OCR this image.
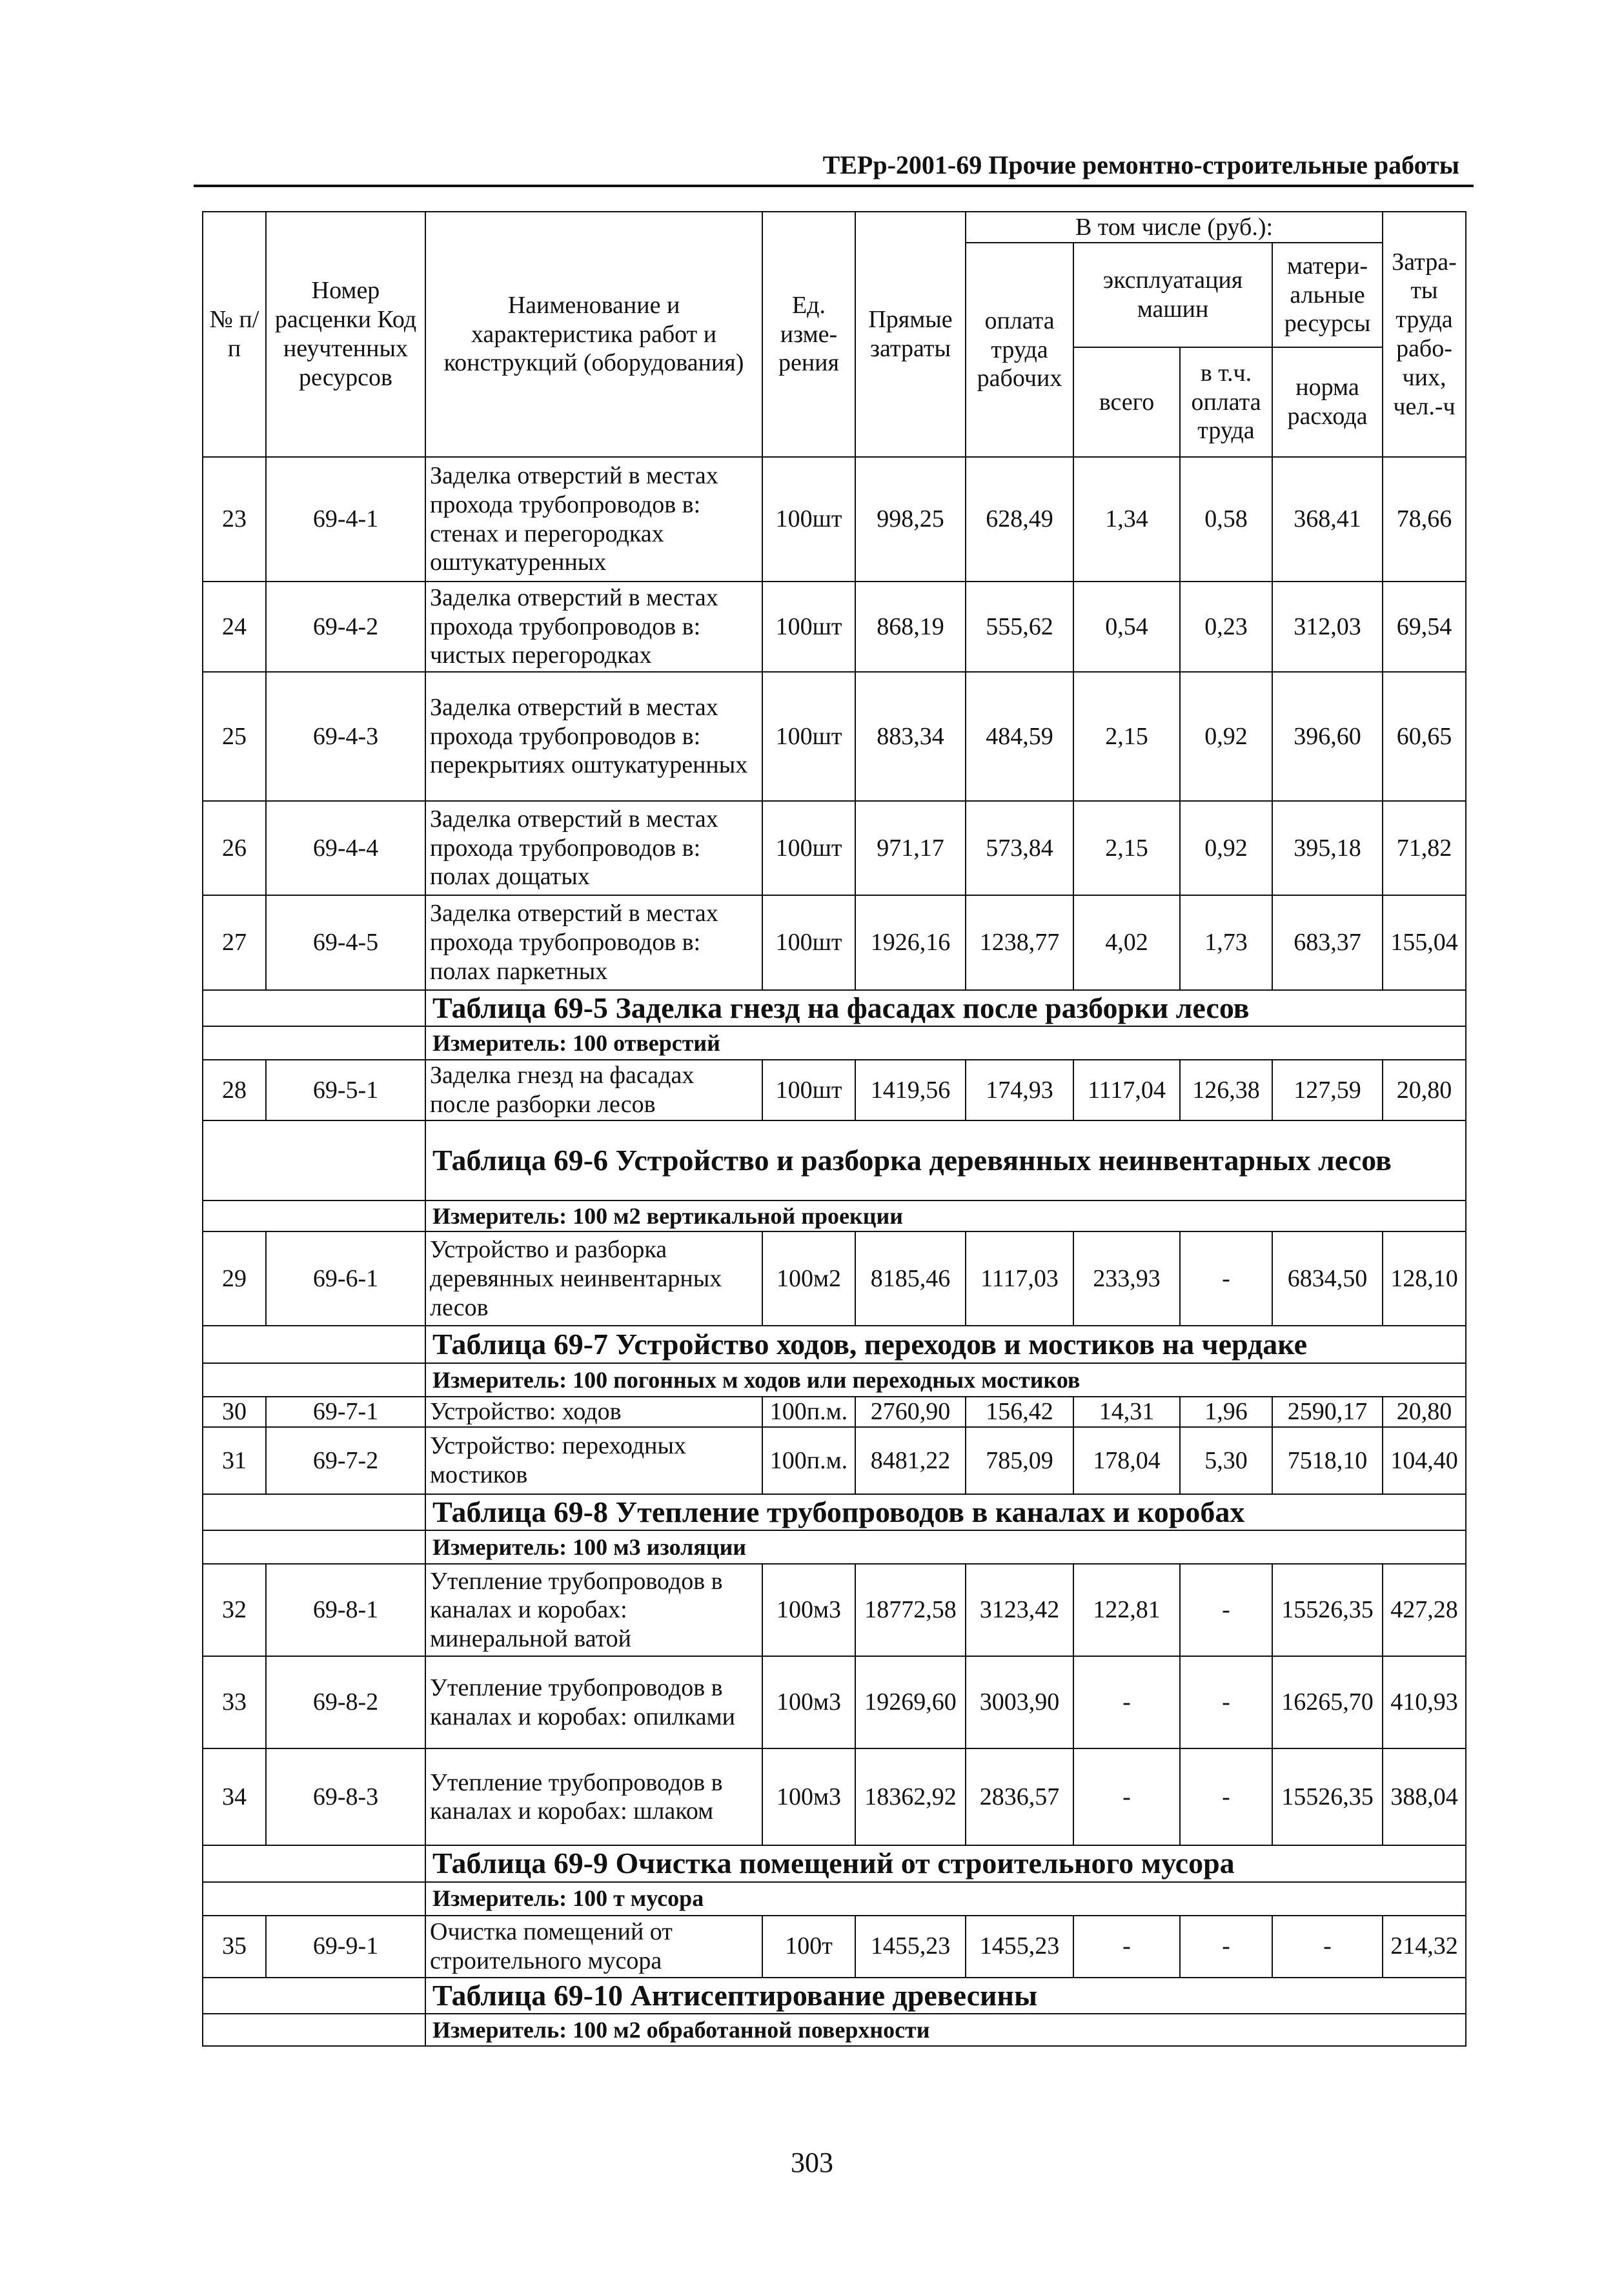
ТЕРр-2001-69 Прочие ремонтно-строительные работы
№ п/п	Номер расценки Код неучтенных ресурсов	Наименование и характеристика работ и конструкций (оборудования)	Ед. изме-рения	Прямые затраты	В том числе (руб.):				Затра-ты труда рабо-чих, чел.-ч
					оплата труда рабочих	эксплуатация машин		матери-альные ресурсы	
						всего	в т.ч. оплата труда	норма расхода	
23	69-4-1	Заделка отверстий в местах прохода трубопроводов в: стенах и перегородках оштукатуренных	100шт	998,25	628,49	1,34	0,58	368,41	78,66
24	69-4-2	Заделка отверстий в местах прохода трубопроводов в: чистых перегородках	100шт	868,19	555,62	0,54	0,23	312,03	69,54
25	69-4-3	Заделка отверстий в местах прохода трубопроводов в: перекрытиях оштукатуренных	100шт	883,34	484,59	2,15	0,92	396,60	60,65
26	69-4-4	Заделка отверстий в местах прохода трубопроводов в: полах дощатых	100шт	971,17	573,84	2,15	0,92	395,18	71,82
27	69-4-5	Заделка отверстий в местах прохода трубопроводов в: полах паркетных	100шт	1926,16	1238,77	4,02	1,73	683,37	155,04
		Таблица 69-5 Заделка гнезд на фасадах после разборки лесов							
		Измеритель: 100 отверстий							
28	69-5-1	Заделка гнезд на фасадах после разборки лесов	100шт	1419,56	174,93	1117,04	126,38	127,59	20,80
		Таблица 69-6 Устройство и разборка деревянных неинвентарных лесов							
		Измеритель: 100 м2 вертикальной проекции							
29	69-6-1	Устройство и разборка деревянных неинвентарных лесов	100м2	8185,46	1117,03	233,93	-	6834,50	128,10
		Таблица 69-7 Устройство ходов, переходов и мостиков на чердаке							
		Измеритель: 100 погонных м ходов или переходных мостиков							
30	69-7-1	Устройство: ходов	100п.м.	2760,90	156,42	14,31	1,96	2590,17	20,80
31	69-7-2	Устройство: переходных мостиков	100п.м.	8481,22	785,09	178,04	5,30	7518,10	104,40
		Таблица 69-8 Утепление трубопроводов в каналах и коробах							
		Измеритель: 100 м3 изоляции							
32	69-8-1	Утепление трубопроводов в каналах и коробах: минеральной ватой	100м3	18772,58	3123,42	122,81	-	15526,35	427,28
33	69-8-2	Утепление трубопроводов в каналах и коробах: опилками	100м3	19269,60	3003,90	-	-	16265,70	410,93
34	69-8-3	Утепление трубопроводов в каналах и коробах: шлаком	100м3	18362,92	2836,57	-	-	15526,35	388,04
		Таблица 69-9 Очистка помещений от строительного мусора							
		Измеритель: 100 т мусора							
35	69-9-1	Очистка помещений от строительного мусора	100т	1455,23	1455,23	-	-	-	214,32
		Таблица 69-10 Антисептирование древесины							
		Измеритель: 100 м2 обработанной поверхности							
303
